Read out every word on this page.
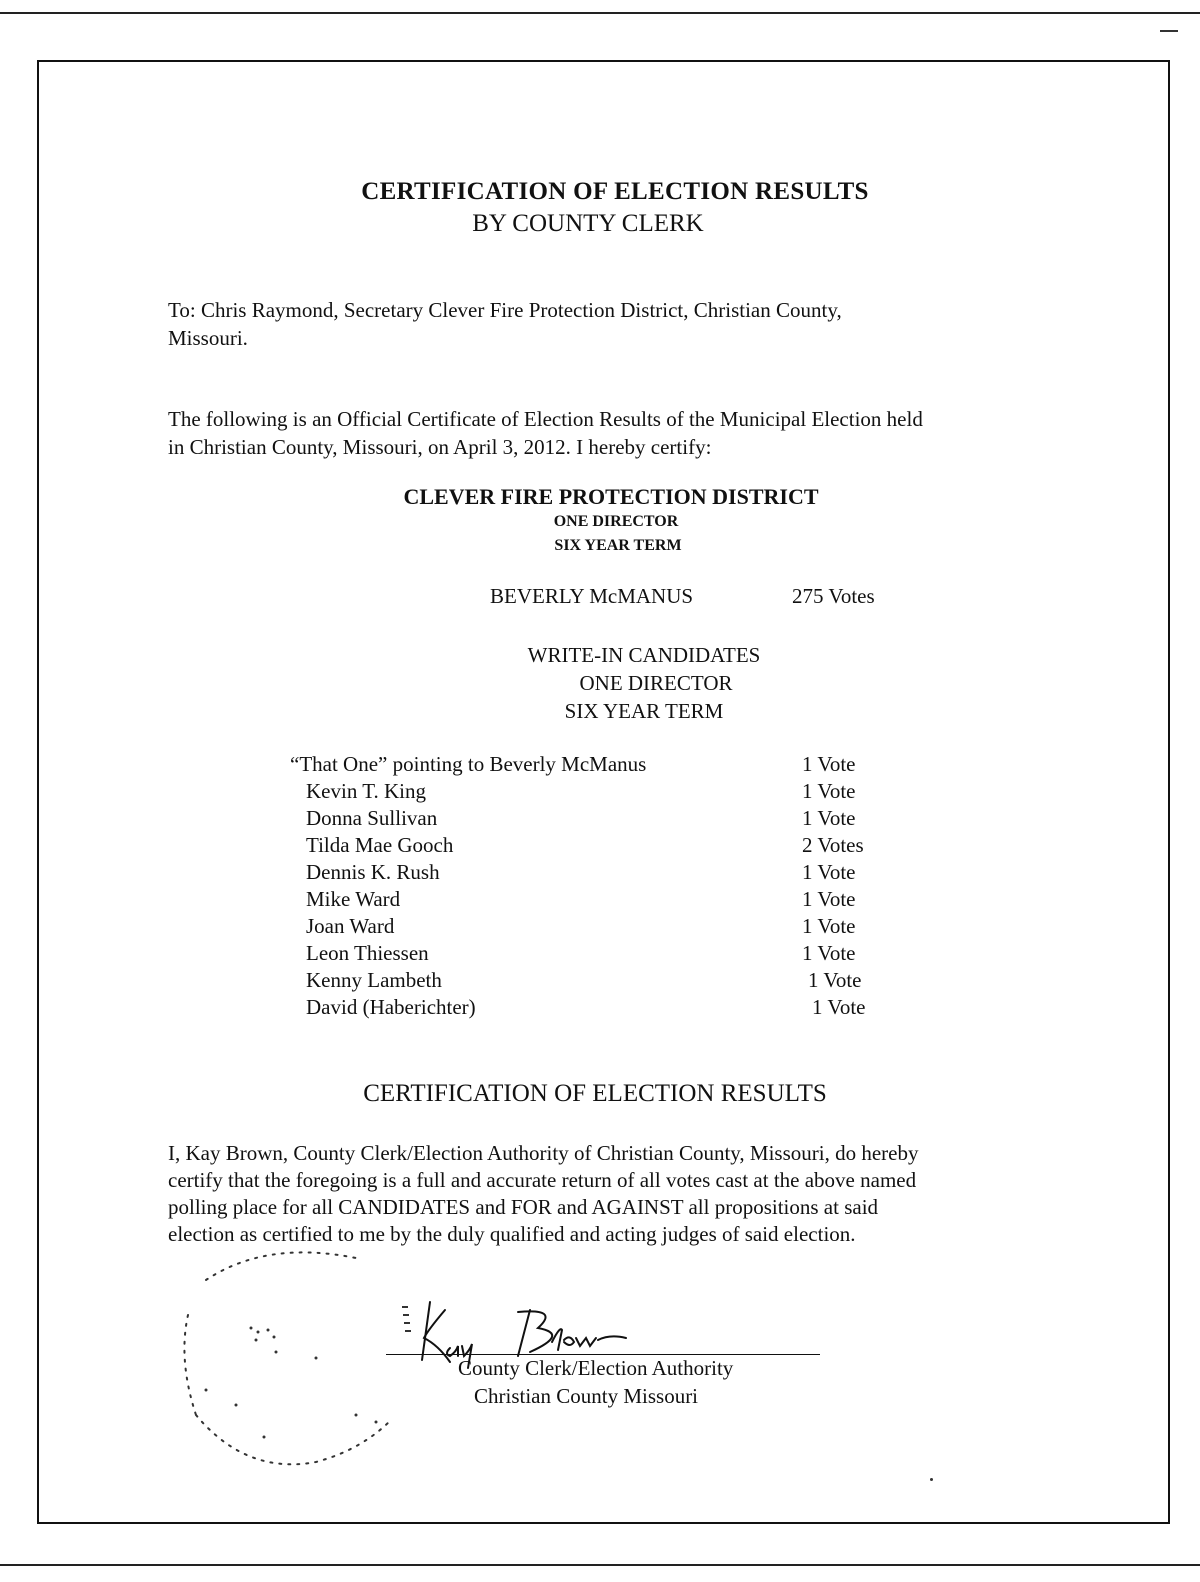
CERTIFICATION OF ELECTION RESULTS
BY COUNTY CLERK

To: Chris Raymond, Secretary Clever Fire Protection District, Christian County,

Missouri.

The following is an Official Certificate of Election Results of the Municipal Election held

in Christian County, Missouri, on April 3, 2012. I hereby certify:

CLEVER FIRE PROTECTION DISTRICT
ONE DIRECTOR
SIX YEAR TERM
BEVERLY McMANUS	275 Votes
WRITE-IN CANDIDATES
ONE DIRECTOR
SIX YEAR TERM
“That One” pointing to Beverly McManus	1 Vote
Kevin T. King	1 Vote
Donna Sullivan	1 Vote
Tilda Mae Gooch	2 Votes
Dennis K. Rush	1 Vote
Mike Ward	1 Vote
Joan Ward	1 Vote
Leon Thiessen	1 Vote
Kenny Lambeth	1 Vote
David (Haberichter)	1 Vote
CERTIFICATION OF ELECTION RESULTS

I, Kay Brown, County Clerk/Election Authority of Christian County, Missouri, do hereby

certify that the foregoing is a full and accurate return of all votes cast at the above named

polling place for all CANDIDATES and FOR and AGAINST all propositions at said

election as certified to me by the duly qualified and acting judges of said election.

County Clerk/Election Authority
Christian County Missouri
